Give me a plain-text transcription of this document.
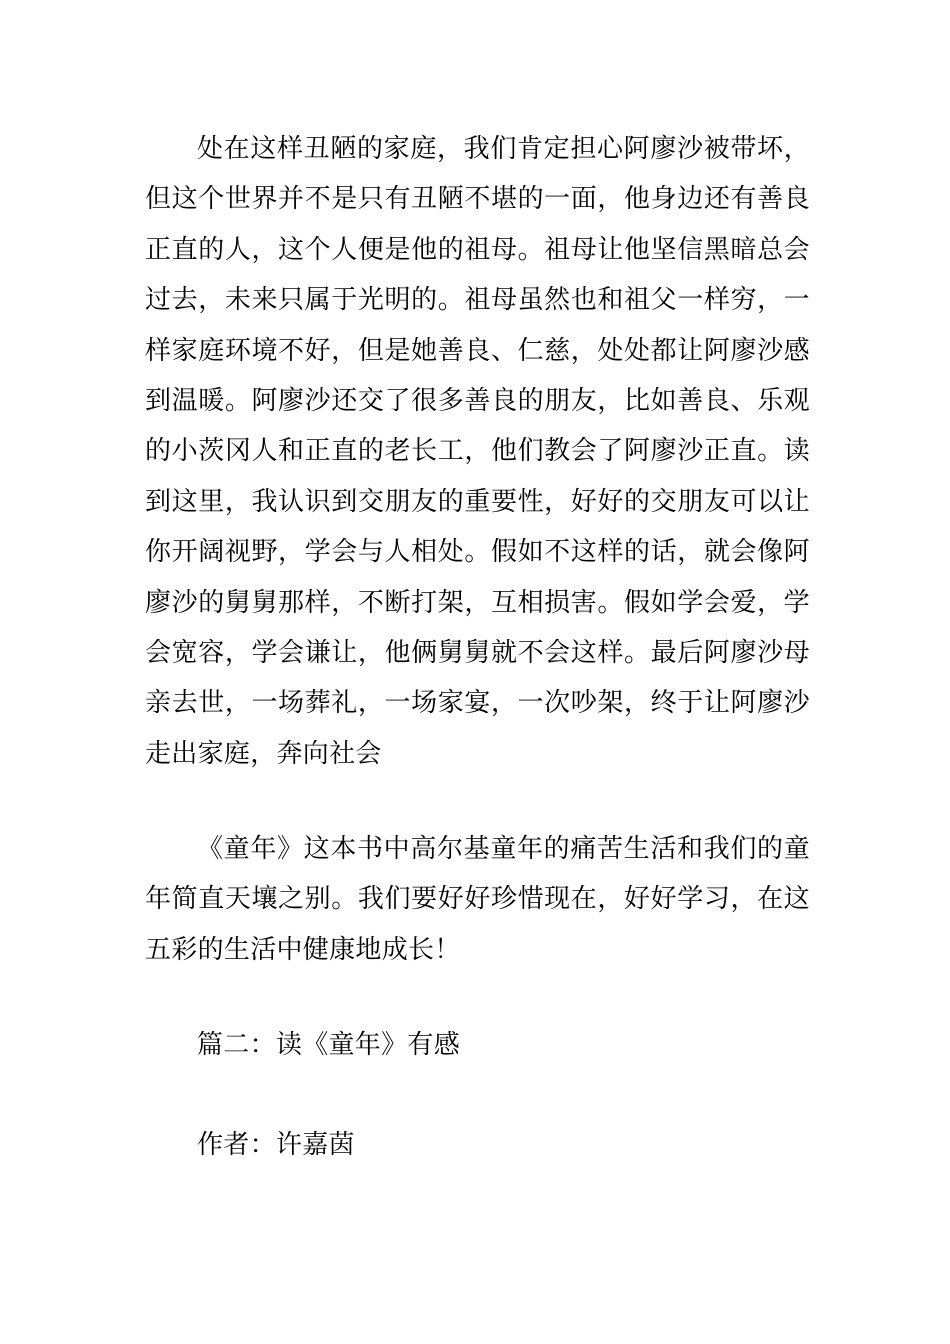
处在这样丑陋的家庭，我们肯定担心阿廖沙被带坏，但这个世界并不是只有丑陋不堪的一面，他身边还有善良正直的人，这个人便是他的祖母。祖母让他坚信黑暗总会过去，未来只属于光明的。祖母虽然也和祖父一样穷，一样家庭环境不好，但是她善良、仁慈，处处都让阿廖沙感到温暖。阿廖沙还交了很多善良的朋友，比如善良、乐观的小茨冈人和正直的老长工，他们教会了阿廖沙正直。读到这里，我认识到交朋友的重要性，好好的交朋友可以让你开阔视野，学会与人相处。假如不这样的话，就会像阿廖沙的舅舅那样，不断打架，互相损害。假如学会爱，学会宽容，学会谦让，他俩舅舅就不会这样。最后阿廖沙母亲去世，一场葬礼，一场家宴，一次吵架，终于让阿廖沙走出家庭，奔向社会

《童年》这本书中高尔基童年的痛苦生活和我们的童年简直天壤之别。我们要好好珍惜现在，好好学习，在这五彩的生活中健康地成长！

篇二：读《童年》有感

作者：许嘉茵
